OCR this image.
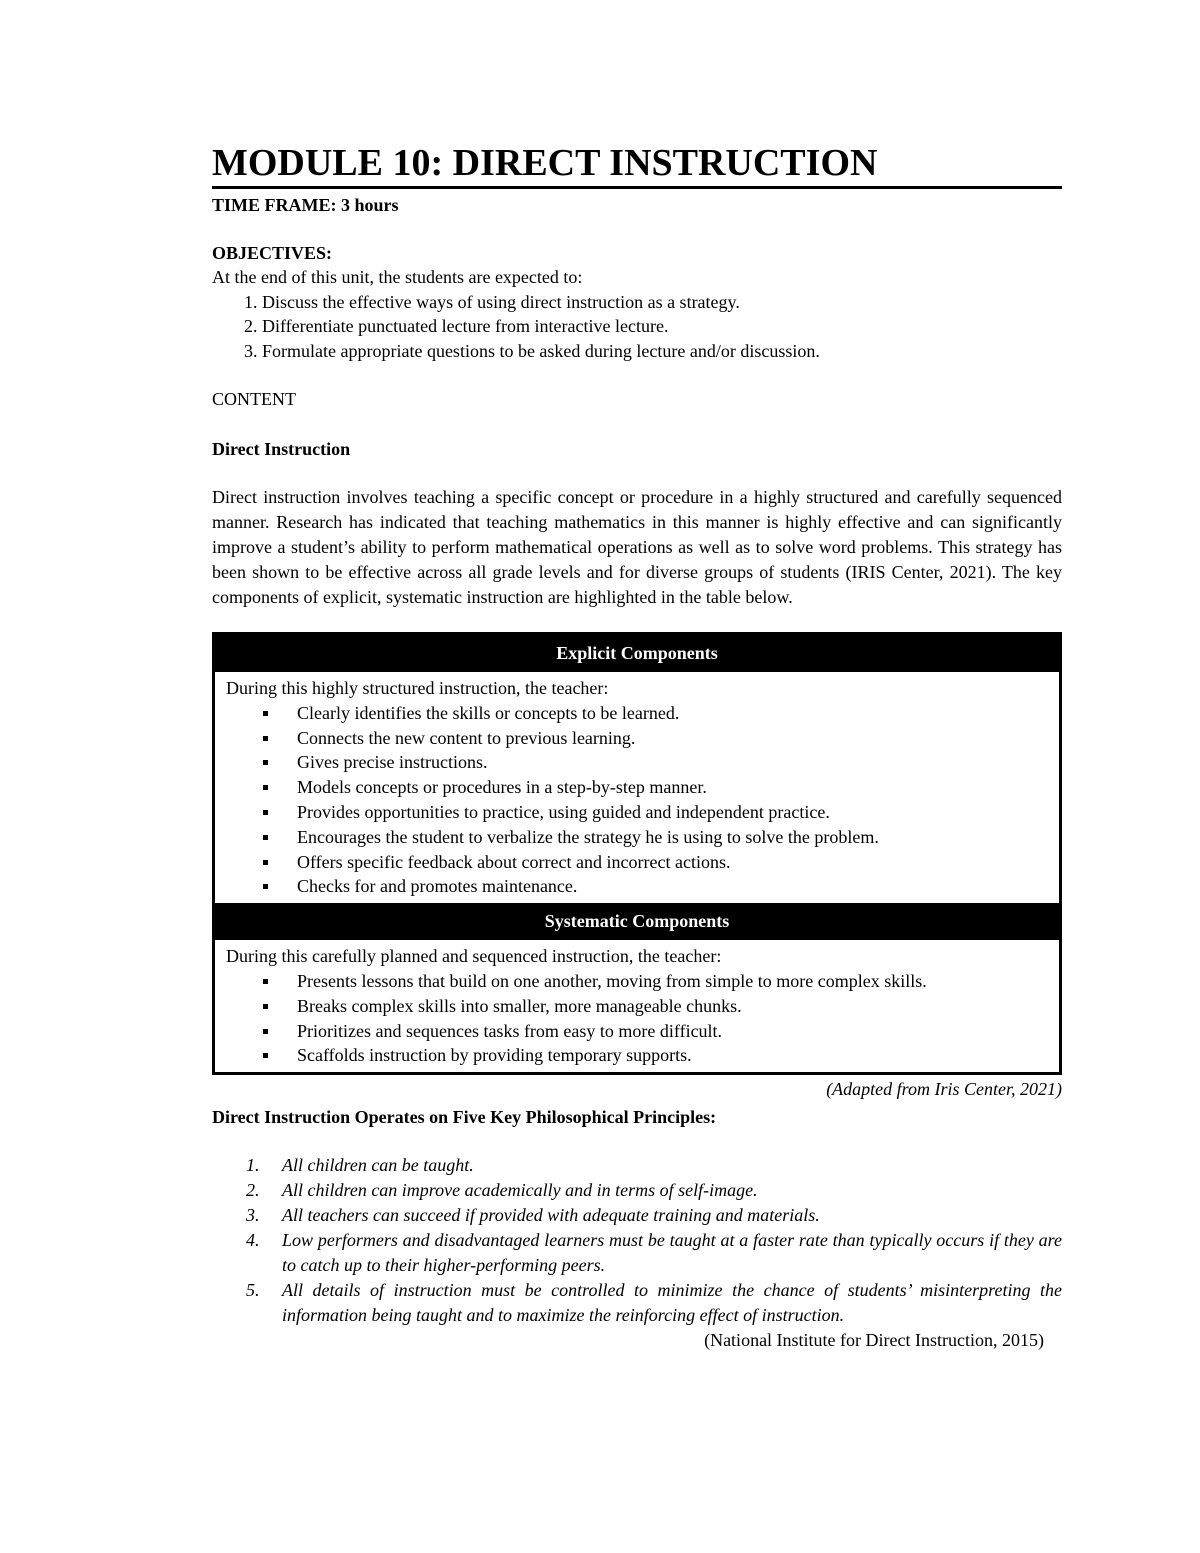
MODULE 10: DIRECT INSTRUCTION
TIME FRAME: 3 hours
OBJECTIVES:
At the end of this unit, the students are expected to:
1. Discuss the effective ways of using direct instruction as a strategy.
2. Differentiate punctuated lecture from interactive lecture.
3. Formulate appropriate questions to be asked during lecture and/or discussion.
CONTENT
Direct Instruction
Direct instruction involves teaching a specific concept or procedure in a highly structured and carefully sequenced manner. Research has indicated that teaching mathematics in this manner is highly effective and can significantly improve a student’s ability to perform mathematical operations as well as to solve word problems. This strategy has been shown to be effective across all grade levels and for diverse groups of students (IRIS Center, 2021). The key components of explicit, systematic instruction are highlighted in the table below.
Explicit Components
During this highly structured instruction, the teacher:
Clearly identifies the skills or concepts to be learned.
Connects the new content to previous learning.
Gives precise instructions.
Models concepts or procedures in a step-by-step manner.
Provides opportunities to practice, using guided and independent practice.
Encourages the student to verbalize the strategy he is using to solve the problem.
Offers specific feedback about correct and incorrect actions.
Checks for and promotes maintenance.
Systematic Components
During this carefully planned and sequenced instruction, the teacher:
Presents lessons that build on one another, moving from simple to more complex skills.
Breaks complex skills into smaller, more manageable chunks.
Prioritizes and sequences tasks from easy to more difficult.
Scaffolds instruction by providing temporary supports.
(Adapted from Iris Center, 2021)
Direct Instruction Operates on Five Key Philosophical Principles:
1. All children can be taught.
2. All children can improve academically and in terms of self-image.
3. All teachers can succeed if provided with adequate training and materials.
4. Low performers and disadvantaged learners must be taught at a faster rate than typically occurs if they are to catch up to their higher-performing peers.
5. All details of instruction must be controlled to minimize the chance of students’ misinterpreting the information being taught and to maximize the reinforcing effect of instruction.
(National Institute for Direct Instruction, 2015)
